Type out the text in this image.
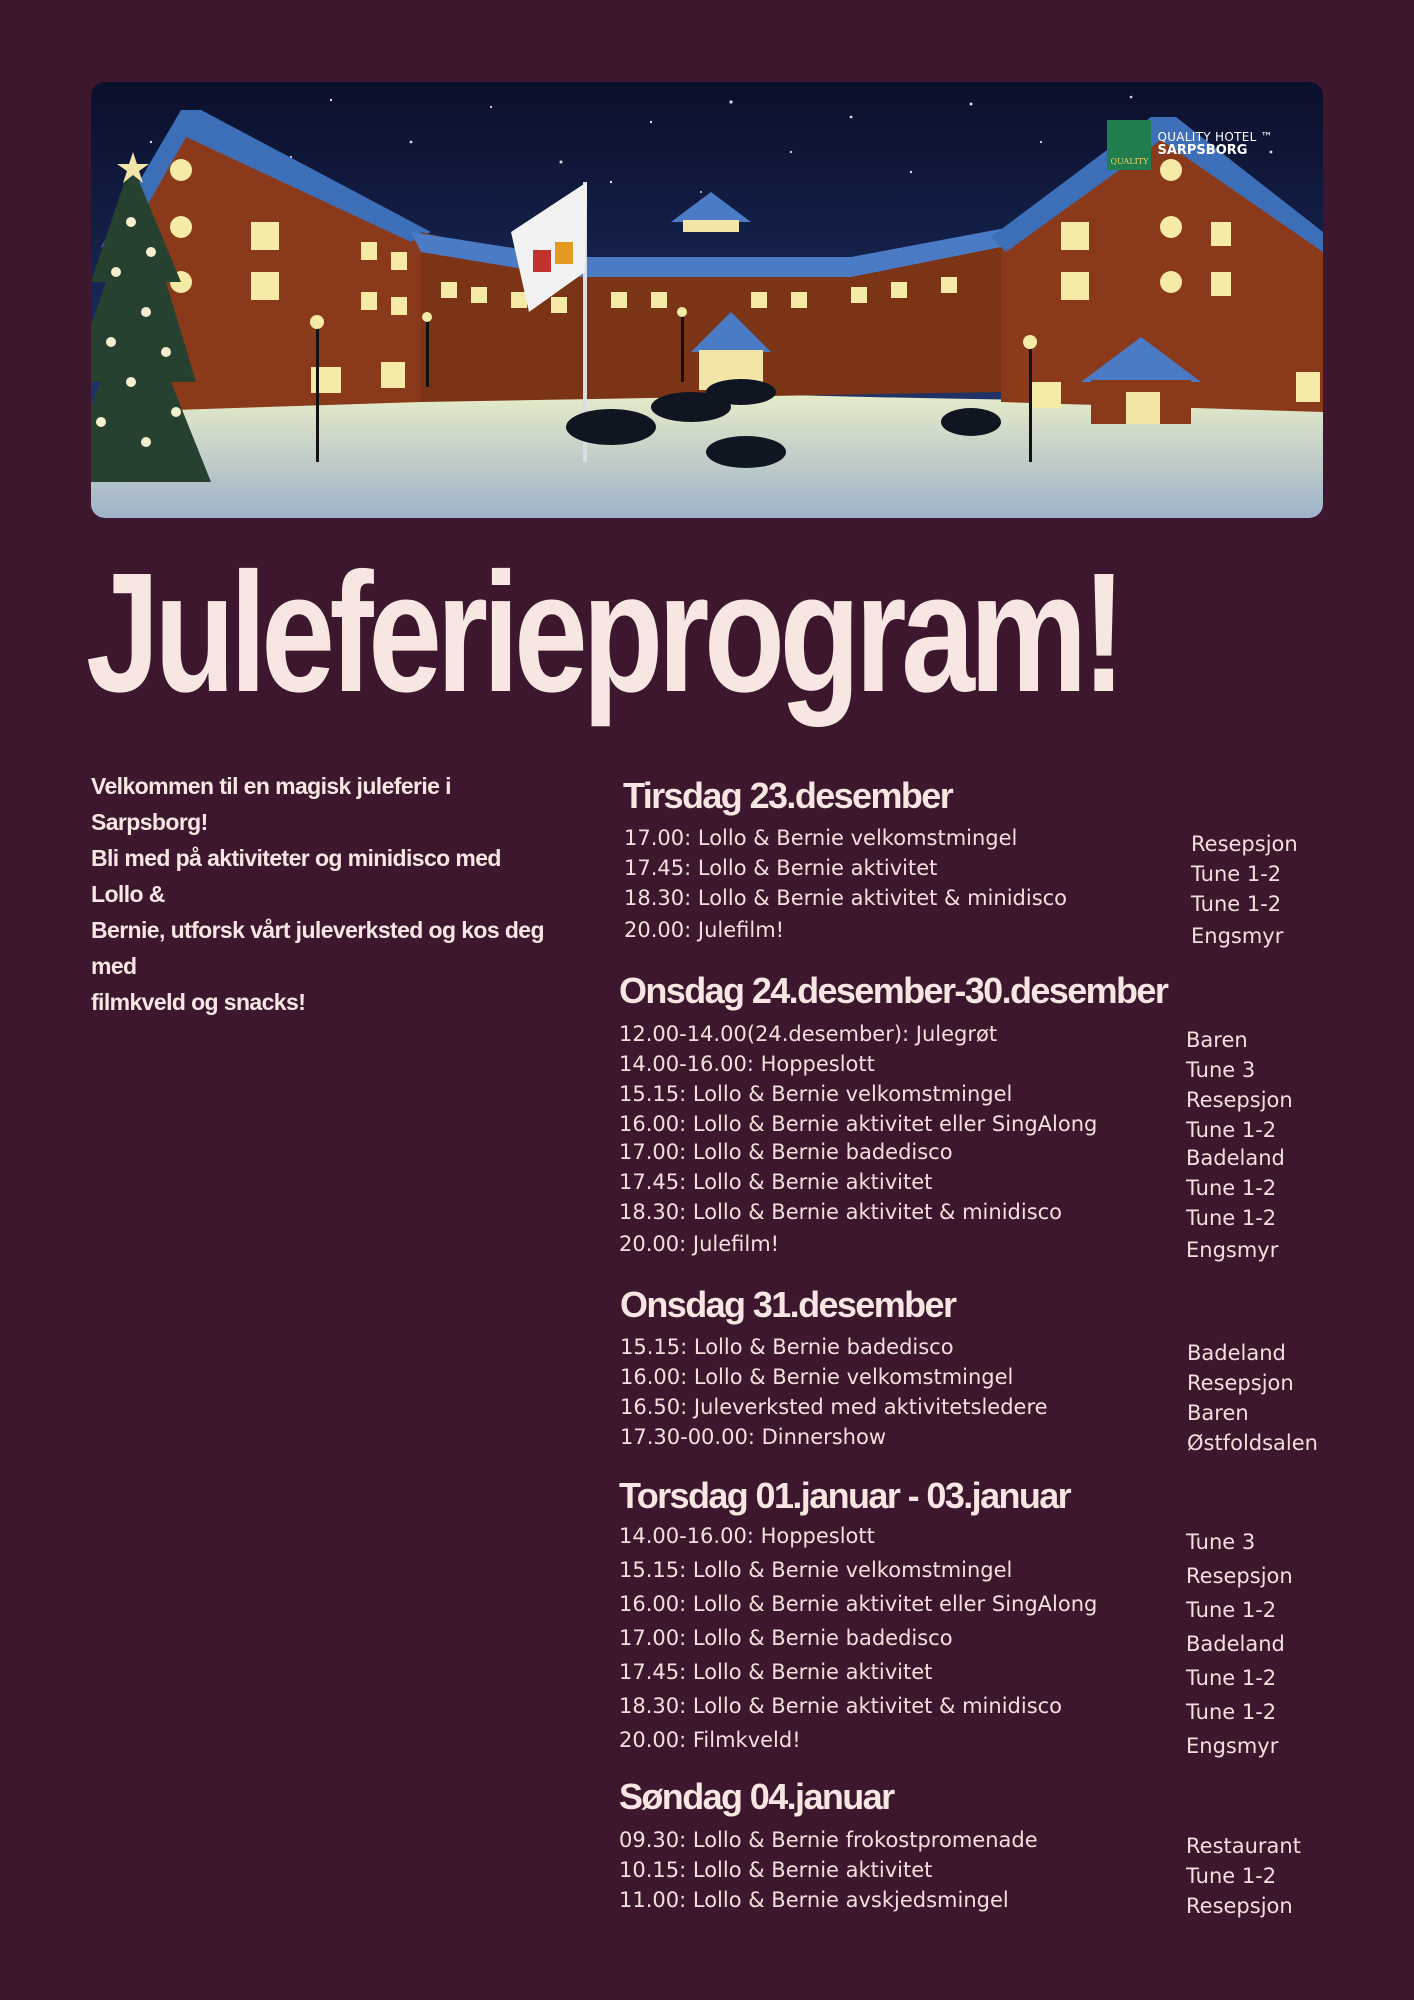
QUALITY
QUALITY HOTEL ™
SARPSBORG
Juleferieprogram!

Velkommen til en magisk juleferie i Sarpsborg!

Bli med på aktiviteter og minidisco med Lollo &

Bernie, utforsk vårt juleverksted og kos deg med

filmkveld og snacks!

Tirsdag 23.desember
17.00: Lollo & Bernie velkomstmingel	Resepsjon
17.45: Lollo & Bernie aktivitet	Tune 1-2
18.30: Lollo & Bernie aktivitet & minidisco	Tune 1-2
20.00: Julefilm!	Engsmyr
Onsdag 24.desember-30.desember
12.00-14.00(24.desember): Julegrøt	Baren
14.00-16.00: Hoppeslott	Tune 3
15.15: Lollo & Bernie velkomstmingel	Resepsjon
16.00: Lollo & Bernie aktivitet eller SingAlong	Tune 1-2
17.00: Lollo & Bernie badedisco	Badeland
17.45: Lollo & Bernie aktivitet	Tune 1-2
18.30: Lollo & Bernie aktivitet & minidisco	Tune 1-2
20.00: Julefilm!	Engsmyr
Onsdag 31.desember
15.15: Lollo & Bernie badedisco	Badeland
16.00: Lollo & Bernie velkomstmingel	Resepsjon
16.50: Juleverksted med aktivitetsledere	Baren
17.30-00.00: Dinnershow	Østfoldsalen
Torsdag 01.januar - 03.januar
14.00-16.00: Hoppeslott	Tune 3
15.15: Lollo & Bernie velkomstmingel	Resepsjon
16.00: Lollo & Bernie aktivitet eller SingAlong	Tune 1-2
17.00: Lollo & Bernie badedisco	Badeland
17.45: Lollo & Bernie aktivitet	Tune 1-2
18.30: Lollo & Bernie aktivitet & minidisco	Tune 1-2
20.00: Filmkveld!	Engsmyr
Søndag 04.januar
09.30: Lollo & Bernie frokostpromenade	Restaurant
10.15: Lollo & Bernie aktivitet	Tune 1-2
11.00: Lollo & Bernie avskjedsmingel	Resepsjon
